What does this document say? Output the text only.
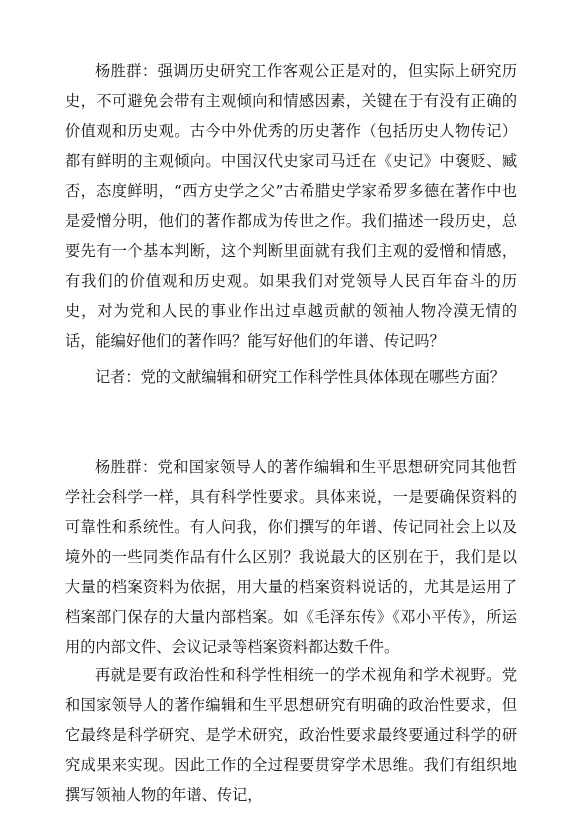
杨胜群：强调历史研究工作客观公正是对的，但实际上研究历史，不可避免会带有主观倾向和情感因素，关键在于有没有正确的价值观和历史观。古今中外优秀的历史著作（包括历史人物传记）都有鲜明的主观倾向。中国汉代史家司马迁在《史记》中褒贬、臧否，态度鲜明，“西方史学之父”古希腊史学家希罗多德在著作中也是爱憎分明，他们的著作都成为传世之作。我们描述一段历史，总要先有一个基本判断，这个判断里面就有我们主观的爱憎和情感，有我们的价值观和历史观。如果我们对党领导人民百年奋斗的历史，对为党和人民的事业作出过卓越贡献的领袖人物冷漠无情的话，能编好他们的著作吗？能写好他们的年谱、传记吗？

记者：党的文献编辑和研究工作科学性具体体现在哪些方面？

杨胜群：党和国家领导人的著作编辑和生平思想研究同其他哲学社会科学一样，具有科学性要求。具体来说，一是要确保资料的可靠性和系统性。有人问我，你们撰写的年谱、传记同社会上以及境外的一些同类作品有什么区别？我说最大的区别在于，我们是以大量的档案资料为依据，用大量的档案资料说话的，尤其是运用了档案部门保存的大量内部档案。如《毛泽东传》《邓小平传》，所运用的内部文件、会议记录等档案资料都达数千件。

再就是要有政治性和科学性相统一的学术视角和学术视野。党和国家领导人的著作编辑和生平思想研究有明确的政治性要求，但它最终是科学研究、是学术研究，政治性要求最终要通过科学的研究成果来实现。因此工作的全过程要贯穿学术思维。我们有组织地撰写领袖人物的年谱、传记，
